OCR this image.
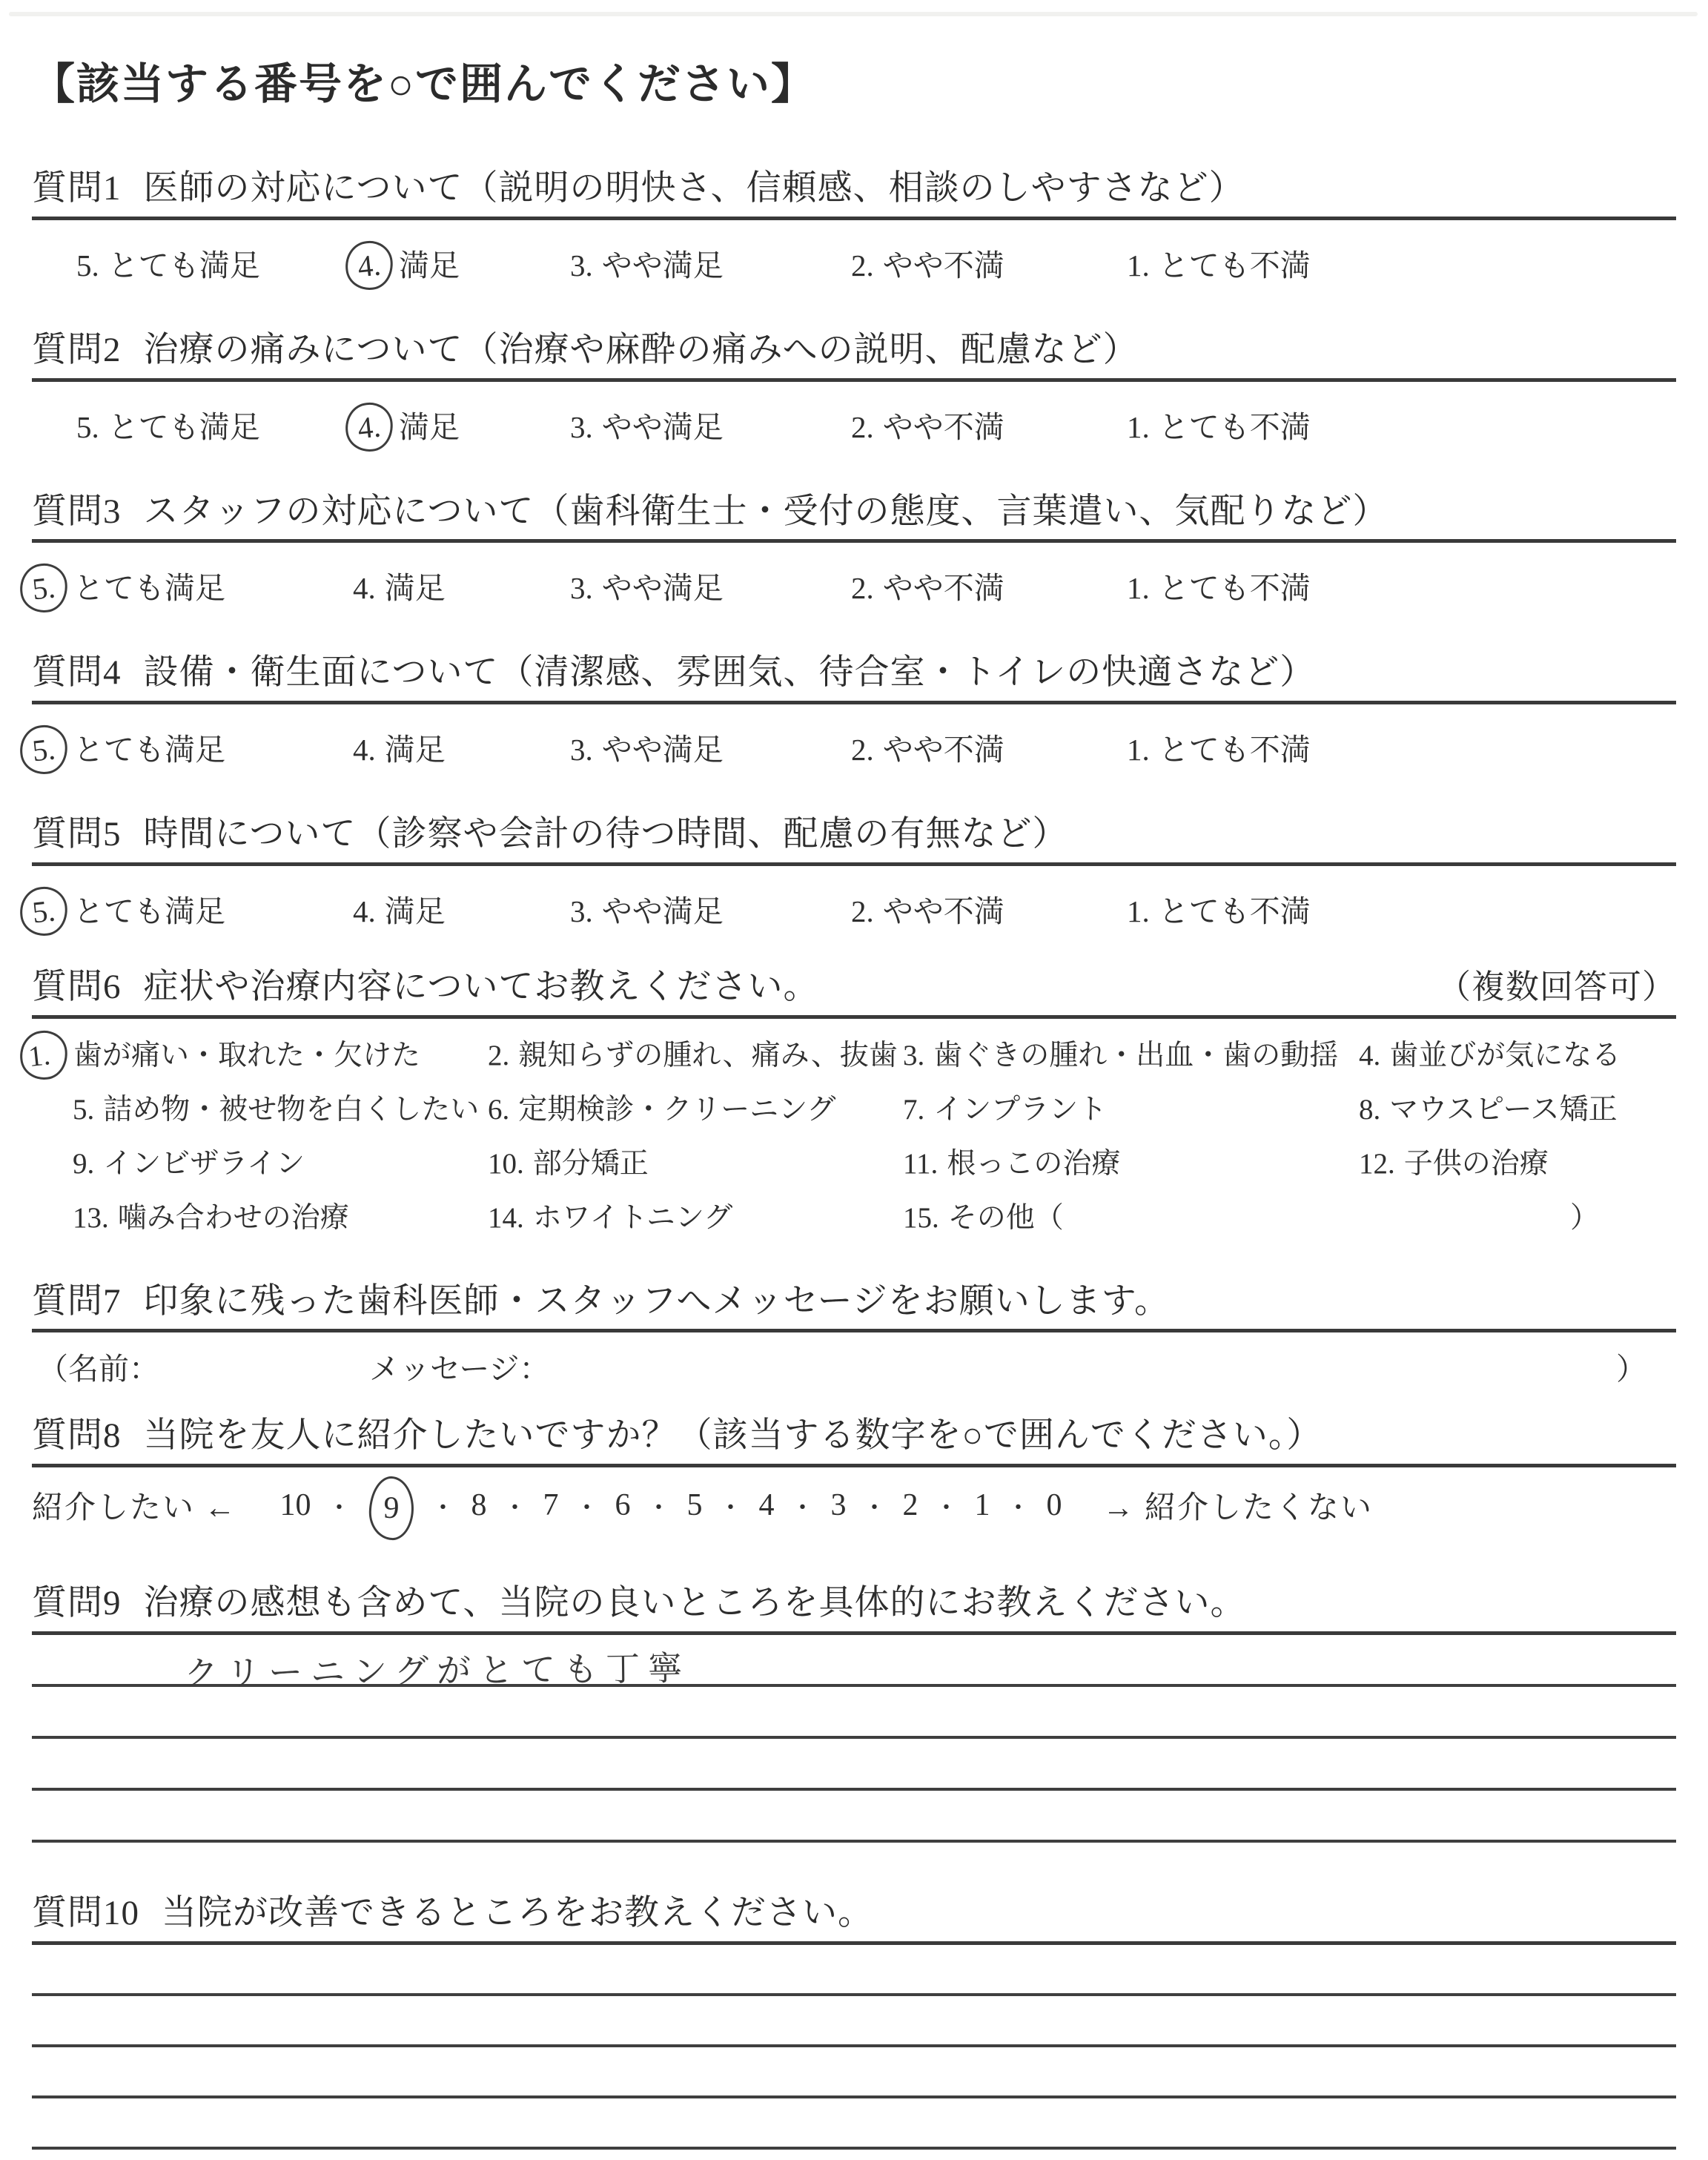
【該当する番号を○で囲んでください】
質問1 医師の対応について（説明の明快さ、信頼感、相談のしやすさなど）
5. とても満足	4. 満足	3. やや満足	2. やや不満	1. とても不満
質問2 治療の痛みについて（治療や麻酔の痛みへの説明、配慮など）
5. とても満足	4. 満足	3. やや満足	2. やや不満	1. とても不満
質問3 スタッフの対応について（歯科衛生士・受付の態度、言葉遣い、気配りなど）
5. とても満足	4. 満足	3. やや満足	2. やや不満	1. とても不満
質問4 設備・衛生面について（清潔感、雰囲気、待合室・トイレの快適さなど）
5. とても満足	4. 満足	3. やや満足	2. やや不満	1. とても不満
質問5 時間について（診察や会計の待つ時間、配慮の有無など）
5. とても満足	4. 満足	3. やや満足	2. やや不満	1. とても不満
質問6 症状や治療内容についてお教えください。	（複数回答可）
）
1. 歯が痛い・取れた・欠けた 2. 親知らずの腫れ、痛み、抜歯 3. 歯ぐきの腫れ・出血・歯の動揺 4. 歯並びが気になる
5. 詰め物・被せ物を白くしたい 6. 定期検診・クリーニング 7. インプラント	8. マウスピース矯正
9. インビザライン	10. 部分矯正	11. 根っこの治療	12. 子供の治療
13. 噛み合わせの治療	14. ホワイトニング	15. その他（
質問7 印象に残った歯科医師・スタッフへメッセージをお願いします。
（名前：	メッセージ：	）
質問8 当院を友人に紹介したいですか？（該当する数字を○で囲んでください。）
紹介したい ← 10 ・ 9 ・ 8 ・ 7 ・ 6 ・ 5 ・ 4 ・ 3 ・ 2 ・ 1 ・ 0 → 紹介したくない
質問9 治療の感想も含めて、当院の良いところを具体的にお教えください。
クリーニングがとても丁寧
質問10 当院が改善できるところをお教えください。
